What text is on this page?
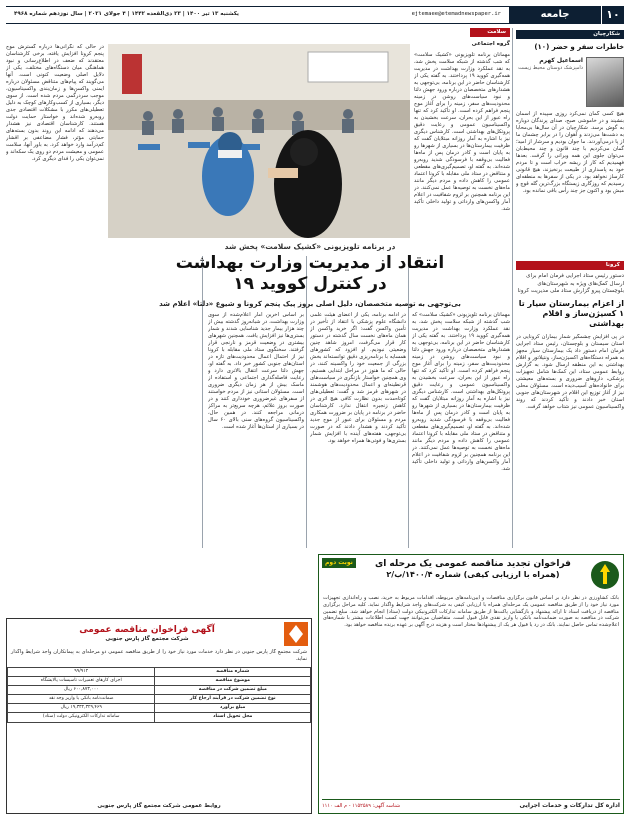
۱۰
جامعه
ejtemaee@etemadnewspaper.ir
یکشنبه ۱۳ تیر ۱۴۰۰ | ۲۳ ذی‌القعده ۱۴۴۲ | ۴ جولای ۲۰۲۱ | سال نوزدهم شماره ۴۹۶۸
شکارچیان
خاطرات سفر و حضر (۱۰)
اسماعیل کهرم
دامپزشک دوستان محیط زیست
هیچ کسی گمان نمی‌کرد روزی سپیده از آسمان بنشیند و در خاموشی صبح، صدای پرندگان دوباره به گوش برسد. شکارچیان در آن سال‌ها بی‌محابا به دشت‌ها می‌زدند و آهوان را در برابر چشمان ما از پا درمی‌آوردند. ما جوان بودیم و سرشار از امید؛ گمان می‌کردیم با چند قانون و چند محیط‌بان می‌توان جلوی این همه ویرانی را گرفت. بعدها فهمیدیم که کار از ریشه خراب است و تا مردم خود به پاسداری از طبیعت برنخیزند، هیچ قانونی کارساز نخواهد بود. در یکی از سفرها به منطقه‌ای رسیدیم که روزگاری زیستگاه بزرگ‌ترین گله قوچ و میش بود و اکنون جز چند رأس باقی نمانده بود.
کرونا
دستور رئیس ستاد اجرایی فرمان امام برای ارسال کمک‌های ویژه به شهرستان‌های بلوچستان پیرو گزارش ستاد ملی مدیریت کرونا
از اعزام بیمارستان سیار تا ۱ کسیژن‌ساز و اقلام بهداشتی
در پی افزایش چشمگیر شمار بیماران کرونایی در استان سیستان و بلوچستان، رئیس ستاد اجرایی فرمان امام دستور داد یک بیمارستان سیار مجهز به همراه دستگاه‌های اکسیژن‌ساز، ونتیلاتور و اقلام بهداشتی به این منطقه ارسال شود. به گزارش روابط عمومی ستاد، این کمک‌ها شامل تجهیزات پزشکی، داروهای ضروری و بسته‌های معیشتی برای خانواده‌های آسیب‌دیده است. مسئولان محلی نیز از آغاز توزیع این اقلام در شهرستان‌های جنوبی استان خبر دادند و تأکید کردند که روند واکسیناسیون عمومی نیز شتاب خواهد گرفت.
سلامت
گروه اجتماعی
مهمانان برنامه تلویزیونی «کشیک سلامت» که شب گذشته از شبکه سلامت پخش شد، به نقد عملکرد وزارت بهداشت در مدیریت همه‌گیری کووید ۱۹ پرداختند. به گفته یکی از کارشناسان حاضر در این برنامه، بی‌توجهی به هشدارهای متخصصان درباره ورود جهش دلتا و نبود سیاست‌های روشن در زمینه محدودیت‌های سفر، زمینه را برای آغاز موج پنجم فراهم کرده است. او تأکید کرد که تنها راه عبور از این بحران، سرعت بخشیدن به واکسیناسیون عمومی و رعایت دقیق پروتکل‌های بهداشتی است. کارشناس دیگری نیز با اشاره به آمار روزانه مبتلایان گفت که ظرفیت بیمارستان‌ها در بسیاری از شهرها رو به پایان است و کادر درمان پس از ماه‌ها فعالیت بی‌وقفه با فرسودگی شدید روبه‌رو شده‌اند. به گفته او، تصمیم‌گیری‌های مقطعی و متناقض در ستاد ملی مقابله با کرونا اعتماد عمومی را کاهش داده و مردم دیگر مانند ماه‌های نخست به توصیه‌ها عمل نمی‌کنند. در این برنامه همچنین بر لزوم شفافیت در اعلام آمار واکسن‌های وارداتی و تولید داخلی تأکید شد.
در برنامه تلویزیونی «کشیک سلامت» پخش شد
انتقاد از مدیریت وزارت بهداشت
در کنترل کووید ۱۹
بی‌توجهی به توصیه متخصصان، دلیل اصلی بروز پیک پنجم کرونا و شیوع «دلتا» اعلام شد
مهمانان برنامه تلویزیونی «کشیک سلامت» که شب گذشته از شبکه سلامت پخش شد، به نقد عملکرد وزارت بهداشت در مدیریت همه‌گیری کووید ۱۹ پرداختند. به گفته یکی از کارشناسان حاضر در این برنامه، بی‌توجهی به هشدارهای متخصصان درباره ورود جهش دلتا و نبود سیاست‌های روشن در زمینه محدودیت‌های سفر، زمینه را برای آغاز موج پنجم فراهم کرده است. او تأکید کرد که تنها راه عبور از این بحران، سرعت بخشیدن به واکسیناسیون عمومی و رعایت دقیق پروتکل‌های بهداشتی است. کارشناس دیگری نیز با اشاره به آمار روزانه مبتلایان گفت که ظرفیت بیمارستان‌ها در بسیاری از شهرها رو به پایان است و کادر درمان پس از ماه‌ها فعالیت بی‌وقفه با فرسودگی شدید روبه‌رو شده‌اند. به گفته او، تصمیم‌گیری‌های مقطعی و متناقض در ستاد ملی مقابله با کرونا اعتماد عمومی را کاهش داده و مردم دیگر مانند ماه‌های نخست به توصیه‌ها عمل نمی‌کنند. در این برنامه همچنین بر لزوم شفافیت در اعلام آمار واکسن‌های وارداتی و تولید داخلی تأکید شد.
در ادامه برنامه، یکی از اعضای هیئت علمی دانشگاه علوم پزشکی با انتقاد از تأخیر در تأمین واکسن گفت: اگر خرید واکسن از همان ماه‌های نخست سال گذشته در دستور کار قرار می‌گرفت، امروز شاهد چنین وضعیتی نبودیم. او افزود که کشورهای همسایه با برنامه‌ریزی دقیق توانسته‌اند بخش بزرگی از جمعیت خود را واکسینه کنند، در حالی که ما هنوز در مراحل ابتدایی هستیم. وی همچنین خواستار بازنگری در سیاست‌های قرنطینه‌ای و اعمال محدودیت‌های هوشمند در شهرهای قرمز شد و گفت: تعطیلی‌های کوتاه‌مدت بدون نظارت کافی هیچ اثری در کاهش زنجیره انتقال ندارد. کارشناسان حاضر در برنامه در پایان بر ضرورت همکاری مردم و مسئولان برای عبور از موج جدید تأکید کردند و هشدار دادند که در صورت بی‌توجهی، هفته‌های آینده با افزایش شمار بستری‌ها و فوتی‌ها همراه خواهد بود.
بر اساس آخرین آمار اعلام‌شده از سوی وزارت بهداشت، در شبانه‌روز گذشته بیش از چند هزار بیمار جدید شناسایی شدند و شمار بستری‌ها نیز افزایش یافت. همچنین شهرهای بیشتری در وضعیت قرمز و نارنجی قرار گرفتند. سخنگوی ستاد ملی مقابله با کرونا نیز از احتمال اعمال محدودیت‌های تازه در استان‌های جنوبی کشور خبر داد. به گفته او، جهش دلتا سرعت انتقال بالاتری دارد و رعایت فاصله‌گذاری اجتماعی و استفاده از ماسک بیش از هر زمان دیگری ضروری است. مسئولان استانی نیز از مردم خواستند از سفرهای غیرضروری خودداری کنند و در صورت بروز علائم، هرچه سریع‌تر به مراکز درمانی مراجعه کنند. در همین حال، واکسیناسیون گروه‌های سنی بالای ۶۰ سال در بسیاری از استان‌ها آغاز شده است.
در حالی که نگرانی‌ها درباره گسترش موج پنجم کرونا افزایش یافته، برخی کارشناسان معتقدند که ضعف در اطلاع‌رسانی و نبود هماهنگی میان دستگاه‌های مختلف، یکی از دلایل اصلی وضعیت کنونی است. آنها می‌گویند که پیام‌های متناقض مسئولان درباره ایمنی واکسن‌ها و زمان‌بندی واکسیناسیون، موجب سردرگمی مردم شده است. از سوی دیگر، بسیاری از کسب‌وکارهای کوچک به دلیل تعطیلی‌های مکرر با مشکلات اقتصادی جدی روبه‌رو شده‌اند و خواستار حمایت دولت هستند. کارشناسان اقتصادی نیز هشدار می‌دهند که ادامه این روند بدون بسته‌های حمایتی مؤثر، فشار مضاعفی بر اقشار کم‌درآمد وارد خواهد کرد. به باور آنها، سلامت عمومی و معیشت مردم دو روی یک سکه‌اند و نمی‌توان یکی را فدای دیگری کرد.
فراخوان تجدید مناقصه عمومی یک مرحله ای
(همراه با ارزیابی کیفی) شماره ۱۴۰۰/۴/ب/۲
نوبت دوم
بانک کشاورزی در نظر دارد بر اساس قانون برگزاری مناقصات و آیین‌نامه‌های مربوطه، اقدامات مربوط به خرید، نصب و راه‌اندازی تجهیزات مورد نیاز خود را از طریق مناقصه عمومی یک مرحله‌ای همراه با ارزیابی کیفی به شرکت‌های واجد شرایط واگذار نماید. کلیه مراحل برگزاری مناقصه از دریافت اسناد تا ارائه پیشنهاد و بازگشایی پاکت‌ها از طریق سامانه تدارکات الکترونیکی دولت (ستاد) انجام خواهد شد. مبلغ تضمین شرکت در مناقصه به صورت ضمانت‌نامه بانکی یا واریز نقدی قابل قبول است. متقاضیان می‌توانند جهت کسب اطلاعات بیشتر با شماره‌های اعلام‌شده تماس حاصل نمایند. بانک در رد یا قبول هر یک از پیشنهادها مختار است و هزینه درج آگهی بر عهده برنده مناقصه خواهد بود.
اداره کل تدارکات و خدمات اجرایی
شناسه آگهی: ۱۱۵۲۵۸۹ - م الف ۱۱۱۰
آگهی فراخوان مناقصه عمومی
شرکت مجتمع گاز پارس جنوبی
شرکت مجتمع گاز پارس جنوبی در نظر دارد خدمات مورد نیاز خود را از طریق مناقصه عمومی دو مرحله‌ای به پیمانکاران واجد شرایط واگذار نماید.
شماره مناقصه	۹۹/۹۱۲
موضوع مناقصه	اجرای کارهای تعمیرات تاسیسات پالایشگاه
مبلغ تضمین شرکت در مناقصه	۶۰۰,۸۷۳,۰۰۰ ریال
نوع تضمین شرکت در فرآیند ارجاع کار	ضمانت‌نامه بانکی یا واریز وجه نقد
مبلغ برآورد	۱۹,۳۳۲,۳۲۹,۴۶۹ ریال
محل تحویل اسناد	سامانه تدارکات الکترونیکی دولت (ستاد)
روابط عمومی شرکت مجتمع گاز پارس جنوبی
